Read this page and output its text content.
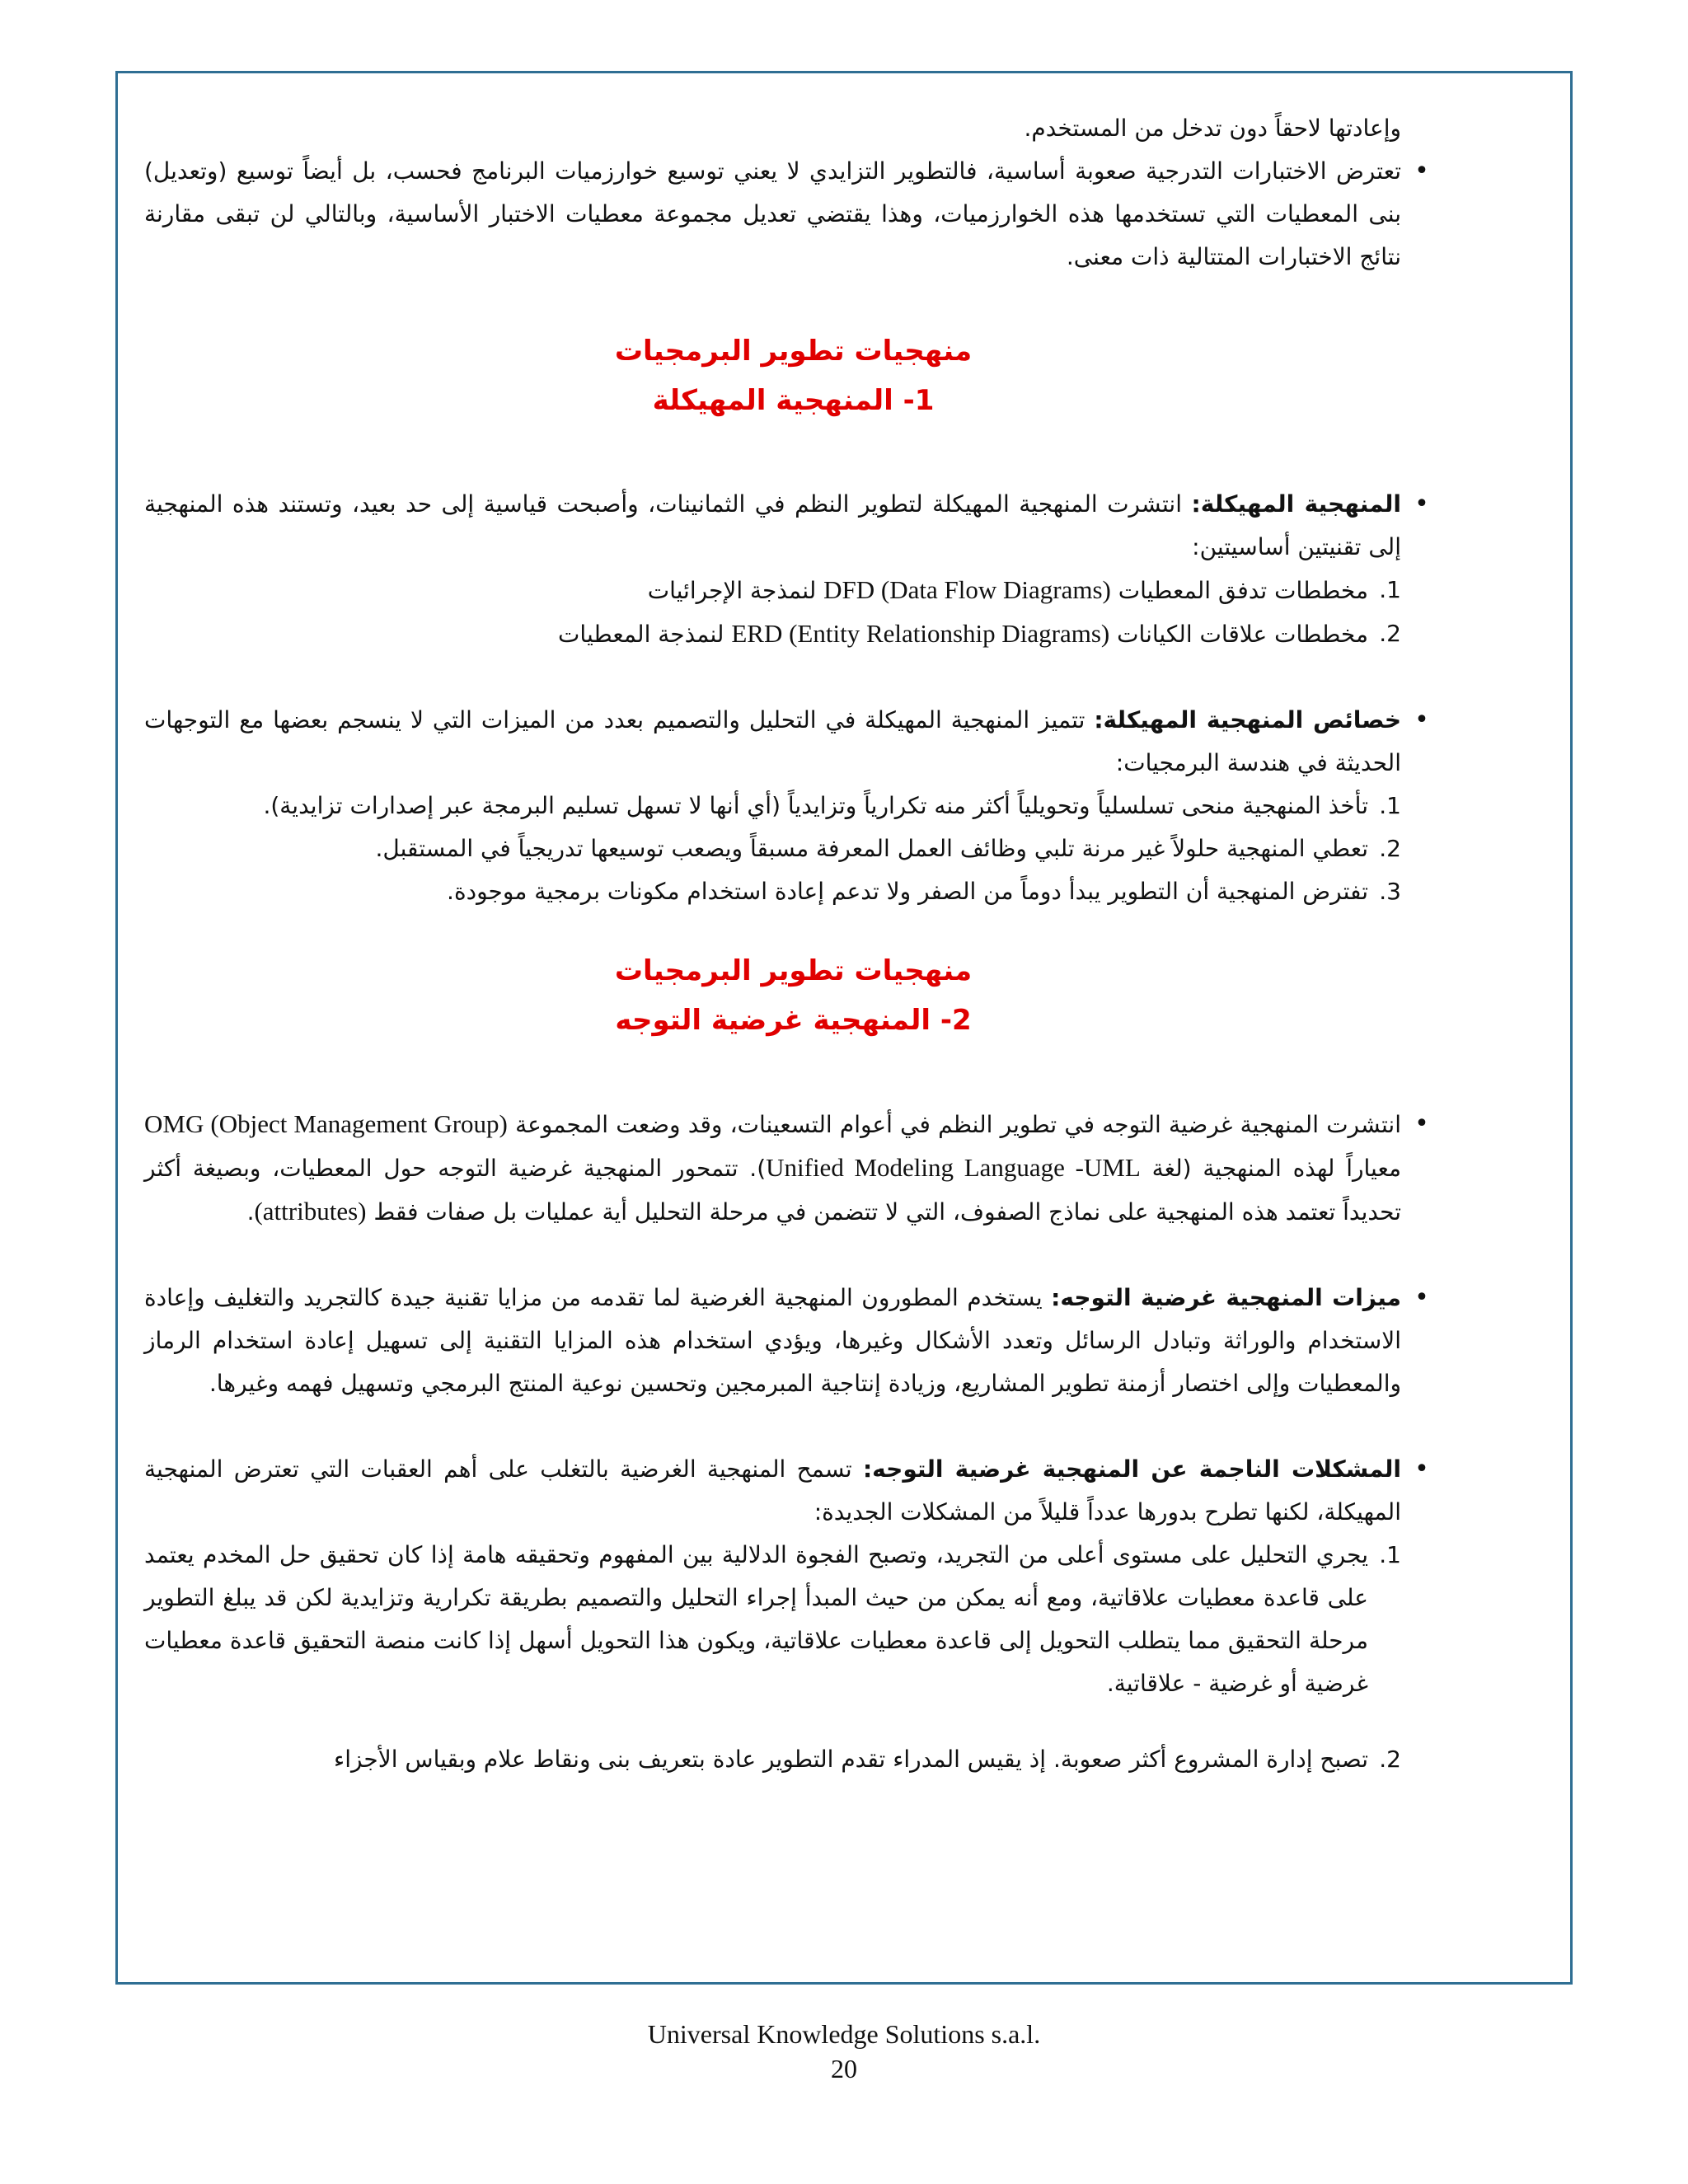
وإعادتها لاحقاً دون تدخل من المستخدم.
•
تعترض الاختبارات التدرجية صعوبة أساسية، فالتطوير التزايدي لا يعني توسيع خوارزميات البرنامج فحسب، بل أيضاً توسيع (وتعديل) بنى المعطيات التي تستخدمها هذه الخوارزميات، وهذا يقتضي تعديل مجموعة معطيات الاختبار الأساسية، وبالتالي لن تبقى مقارنة نتائج الاختبارات المتتالية ذات معنى.
منهجيات تطوير البرمجيات
1- المنهجية المهيكلة
•

المنهجية المهيكلة: انتشرت المنهجية المهيكلة لتطوير النظم في الثمانينات، وأصبحت قياسية إلى حد بعيد، وتستند هذه المنهجية إلى تقنيتين أساسيتين:

1.
مخططات تدفق المعطيات DFD (Data Flow Diagrams) لنمذجة الإجرائيات
2.
مخططات علاقات الكيانات ERD (Entity Relationship Diagrams) لنمذجة المعطيات
•

خصائص المنهجية المهيكلة: تتميز المنهجية المهيكلة في التحليل والتصميم بعدد من الميزات التي لا ينسجم بعضها مع التوجهات الحديثة في هندسة البرمجيات:

1.
تأخذ المنهجية منحى تسلسلياً وتحويلياً أكثر منه تكرارياً وتزايدياً (أي أنها لا تسهل تسليم البرمجة عبر إصدارات تزايدية).
2.
تعطي المنهجية حلولاً غير مرنة تلبي وظائف العمل المعرفة مسبقاً ويصعب توسيعها تدريجياً في المستقبل.
3.
تفترض المنهجية أن التطوير يبدأ دوماً من الصفر ولا تدعم إعادة استخدام مكونات برمجية موجودة.
منهجيات تطوير البرمجيات
2- المنهجية غرضية التوجه
•

انتشرت المنهجية غرضية التوجه في تطوير النظم في أعوام التسعينات، وقد وضعت المجموعة OMG (Object Management Group) معياراً لهذه المنهجية (لغة Unified Modeling Language -UML). تتمحور المنهجية غرضية التوجه حول المعطيات، وبصيغة أكثر تحديداً تعتمد هذه المنهجية على نماذج الصفوف، التي لا تتضمن في مرحلة التحليل أية عمليات بل صفات فقط (attributes).

•

ميزات المنهجية غرضية التوجه: يستخدم المطورون المنهجية الغرضية لما تقدمه من مزايا تقنية جيدة كالتجريد والتغليف وإعادة الاستخدام والوراثة وتبادل الرسائل وتعدد الأشكال وغيرها، ويؤدي استخدام هذه المزايا التقنية إلى تسهيل إعادة استخدام الرماز والمعطيات وإلى اختصار أزمنة تطوير المشاريع، وزيادة إنتاجية المبرمجين وتحسين نوعية المنتج البرمجي وتسهيل فهمه وغيرها.

•

المشكلات الناجمة عن المنهجية غرضية التوجه: تسمح المنهجية الغرضية بالتغلب على أهم العقبات التي تعترض المنهجية المهيكلة، لكنها تطرح بدورها عدداً قليلاً من المشكلات الجديدة:

1.
يجري التحليل على مستوى أعلى من التجريد، وتصبح الفجوة الدلالية بين المفهوم وتحقيقه هامة إذا كان تحقيق حل المخدم يعتمد على قاعدة معطيات علاقاتية، ومع أنه يمكن من حيث المبدأ إجراء التحليل والتصميم بطريقة تكرارية وتزايدية لكن قد يبلغ التطوير مرحلة التحقيق مما يتطلب التحويل إلى قاعدة معطيات علاقاتية، ويكون هذا التحويل أسهل إذا كانت منصة التحقيق قاعدة معطيات غرضية أو غرضية - علاقاتية.
2.
تصبح إدارة المشروع أكثر صعوبة. إذ يقيس المدراء تقدم التطوير عادة بتعريف بنى ونقاط علام وبقياس الأجزاء
Universal Knowledge Solutions s.a.l.
20
